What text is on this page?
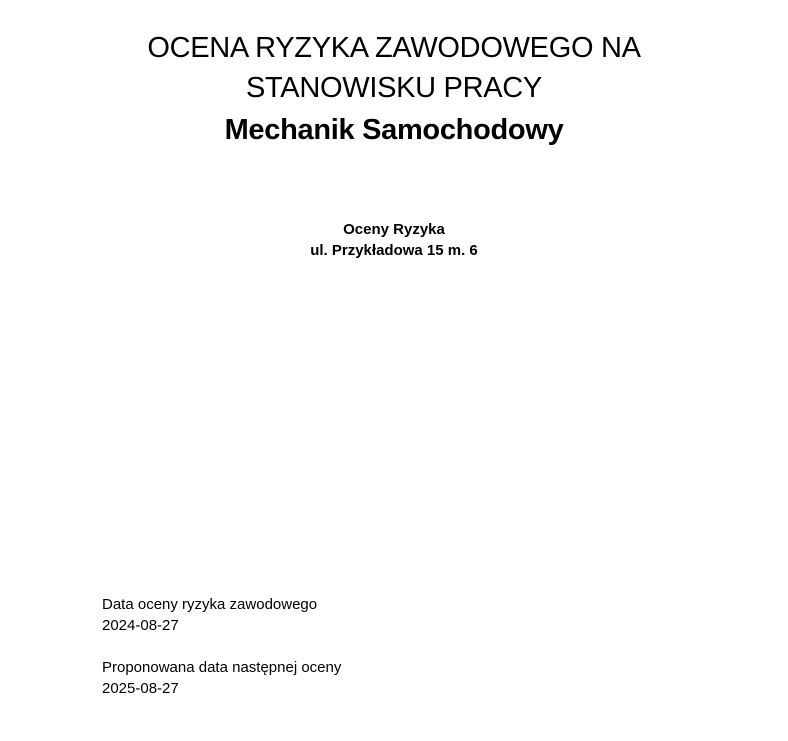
OCENA RYZYKA ZAWODOWEGO NA
STANOWISKU PRACY
Mechanik Samochodowy
Oceny Ryzyka
ul. Przykładowa 15 m. 6
Data oceny ryzyka zawodowego
2024-08-27
Proponowana data następnej oceny
2025-08-27
